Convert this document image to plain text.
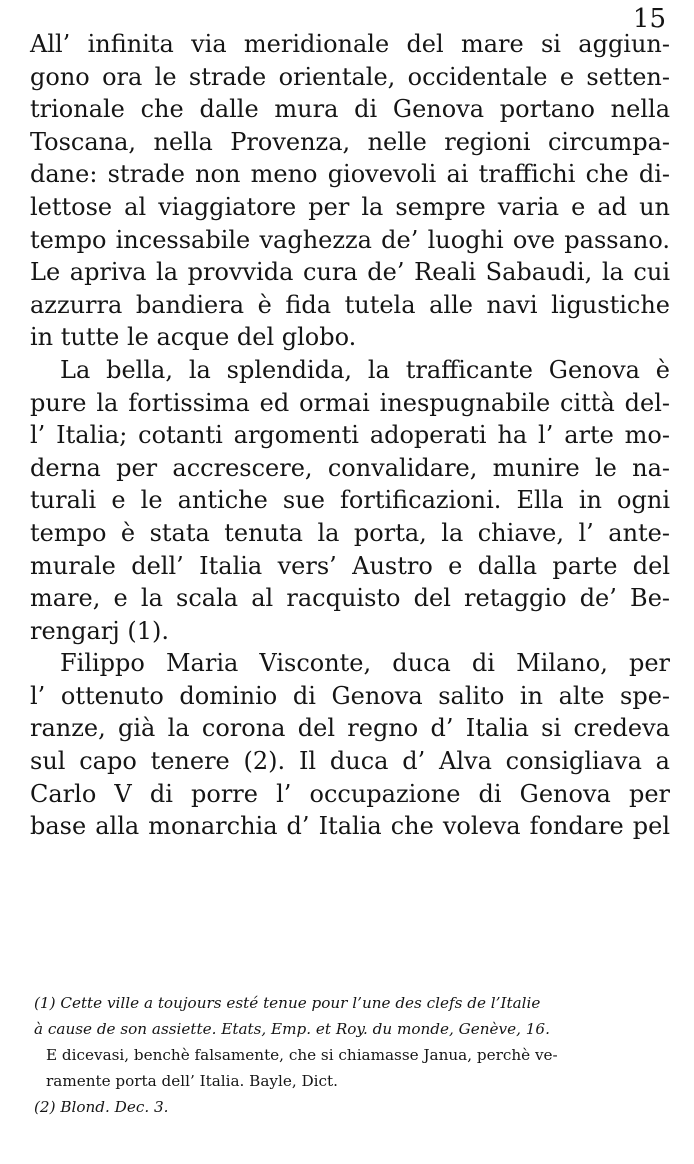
15
All’ infinita via meridionale del mare si aggiun-
gono ora le strade orientale, occidentale e setten-
trionale che dalle mura di Genova portano nella
Toscana, nella Provenza, nelle regioni circumpa-
dane: strade non meno giovevoli ai traffichi che di-
lettose al viaggiatore per la sempre varia e ad un
tempo incessabile vaghezza de’ luoghi ove passano.
Le apriva la provvida cura de’ Reali Sabaudi, la cui
azzurra bandiera è fida tutela alle navi ligustiche
in tutte le acque del globo.
La bella, la splendida, la trafficante Genova è
pure la fortissima ed ormai inespugnabile città del-
l’ Italia; cotanti argomenti adoperati ha l’ arte mo-
derna per accrescere, convalidare, munire le na-
turali e le antiche sue fortificazioni. Ella in ogni
tempo è stata tenuta la porta, la chiave, l’ ante-
murale dell’ Italia vers’ Austro e dalla parte del
mare, e la scala al racquisto del retaggio de’ Be-
rengarj (1).
Filippo Maria Visconte, duca di Milano, per
l’ ottenuto dominio di Genova salito in alte spe-
ranze, già la corona del regno d’ Italia si credeva
sul capo tenere (2). Il duca d’ Alva consigliava a
Carlo V di porre l’ occupazione di Genova per
base alla monarchia d’ Italia che voleva fondare pel
(1) Cette ville a toujours esté tenue pour l’une des clefs de l’Italie
à cause de son assiette. Etats, Emp. et Roy. du monde, Genève, 16.
E dicevasi, benchè falsamente, che si chiamasse Janua, perchè ve-
ramente porta dell’ Italia. Bayle, Dict.
(2) Blond. Dec. 3.
